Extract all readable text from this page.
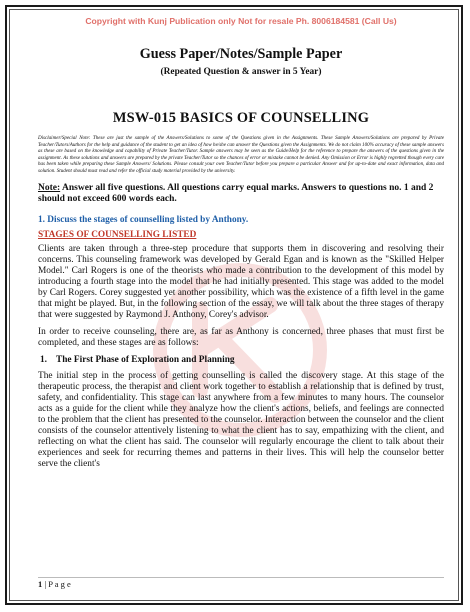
Copyright with Kunj Publication only Not for resale Ph. 8006184581 (Call Us)
Guess Paper/Notes/Sample Paper
(Repeated Question & answer in 5 Year)
MSW-015 BASICS OF COUNSELLING
Disclaimer/Special Note: These are just the sample of the Answers/Solutions to some of the Questions given in the Assignments. These Sample Answers/Solutions are prepared by Private Teacher/Tutors/Authors for the help and guidance of the student to get an idea of how he/she can answer the Questions given the Assignments. We do not claim 100% accuracy of these sample answers as these are based on the knowledge and capability of Private Teacher/Tutor. Sample answers may be seen as the Guide/Help for the reference to prepare the answers of the questions given in the assignment. As these solutions and answers are prepared by the private Teacher/Tutor so the chances of error or mistake cannot be denied. Any Omission or Error is highly regretted though every care has been taken while preparing these Sample Answers/ Solutions. Please consult your own Teacher/Tutor before you prepare a particular Answer and for up-to-date and exact information, data and solution. Student should must read and refer the official study material provided by the university.
Note: Answer all five questions. All questions carry equal marks. Answers to questions no. 1 and 2 should not exceed 600 words each.
1. Discuss the stages of counselling listed by Anthony.
STAGES OF COUNSELLING LISTED
Clients are taken through a three-step procedure that supports them in discovering and resolving their concerns. This counseling framework was developed by Gerald Egan and is known as the "Skilled Helper Model." Carl Rogers is one of the theorists who made a contribution to the development of this model by introducing a fourth stage into the model that he had initially presented. This stage was added to the model by Carl Rogers. Corey suggested yet another possibility, which was the existence of a fifth level in the game that might be played. But, in the following section of the essay, we will talk about the three stages of therapy that were suggested by Raymond J. Anthony, Corey's advisor.
In order to receive counseling, there are, as far as Anthony is concerned, three phases that must first be completed, and these stages are as follows:
1. The First Phase of Exploration and Planning
The initial step in the process of getting counselling is called the discovery stage. At this stage of the therapeutic process, the therapist and client work together to establish a relationship that is defined by trust, safety, and confidentiality. This stage can last anywhere from a few minutes to many hours. The counselor acts as a guide for the client while they analyze how the client's actions, beliefs, and feelings are connected to the problem that the client has presented to the counselor. Interaction between the counselor and the client consists of the counselor attentively listening to what the client has to say, empathizing with the client, and reflecting on what the client has said. The counselor will regularly encourage the client to talk about their experiences and seek for recurring themes and patterns in their lives. This will help the counselor better serve the client's
1 | P a g e
